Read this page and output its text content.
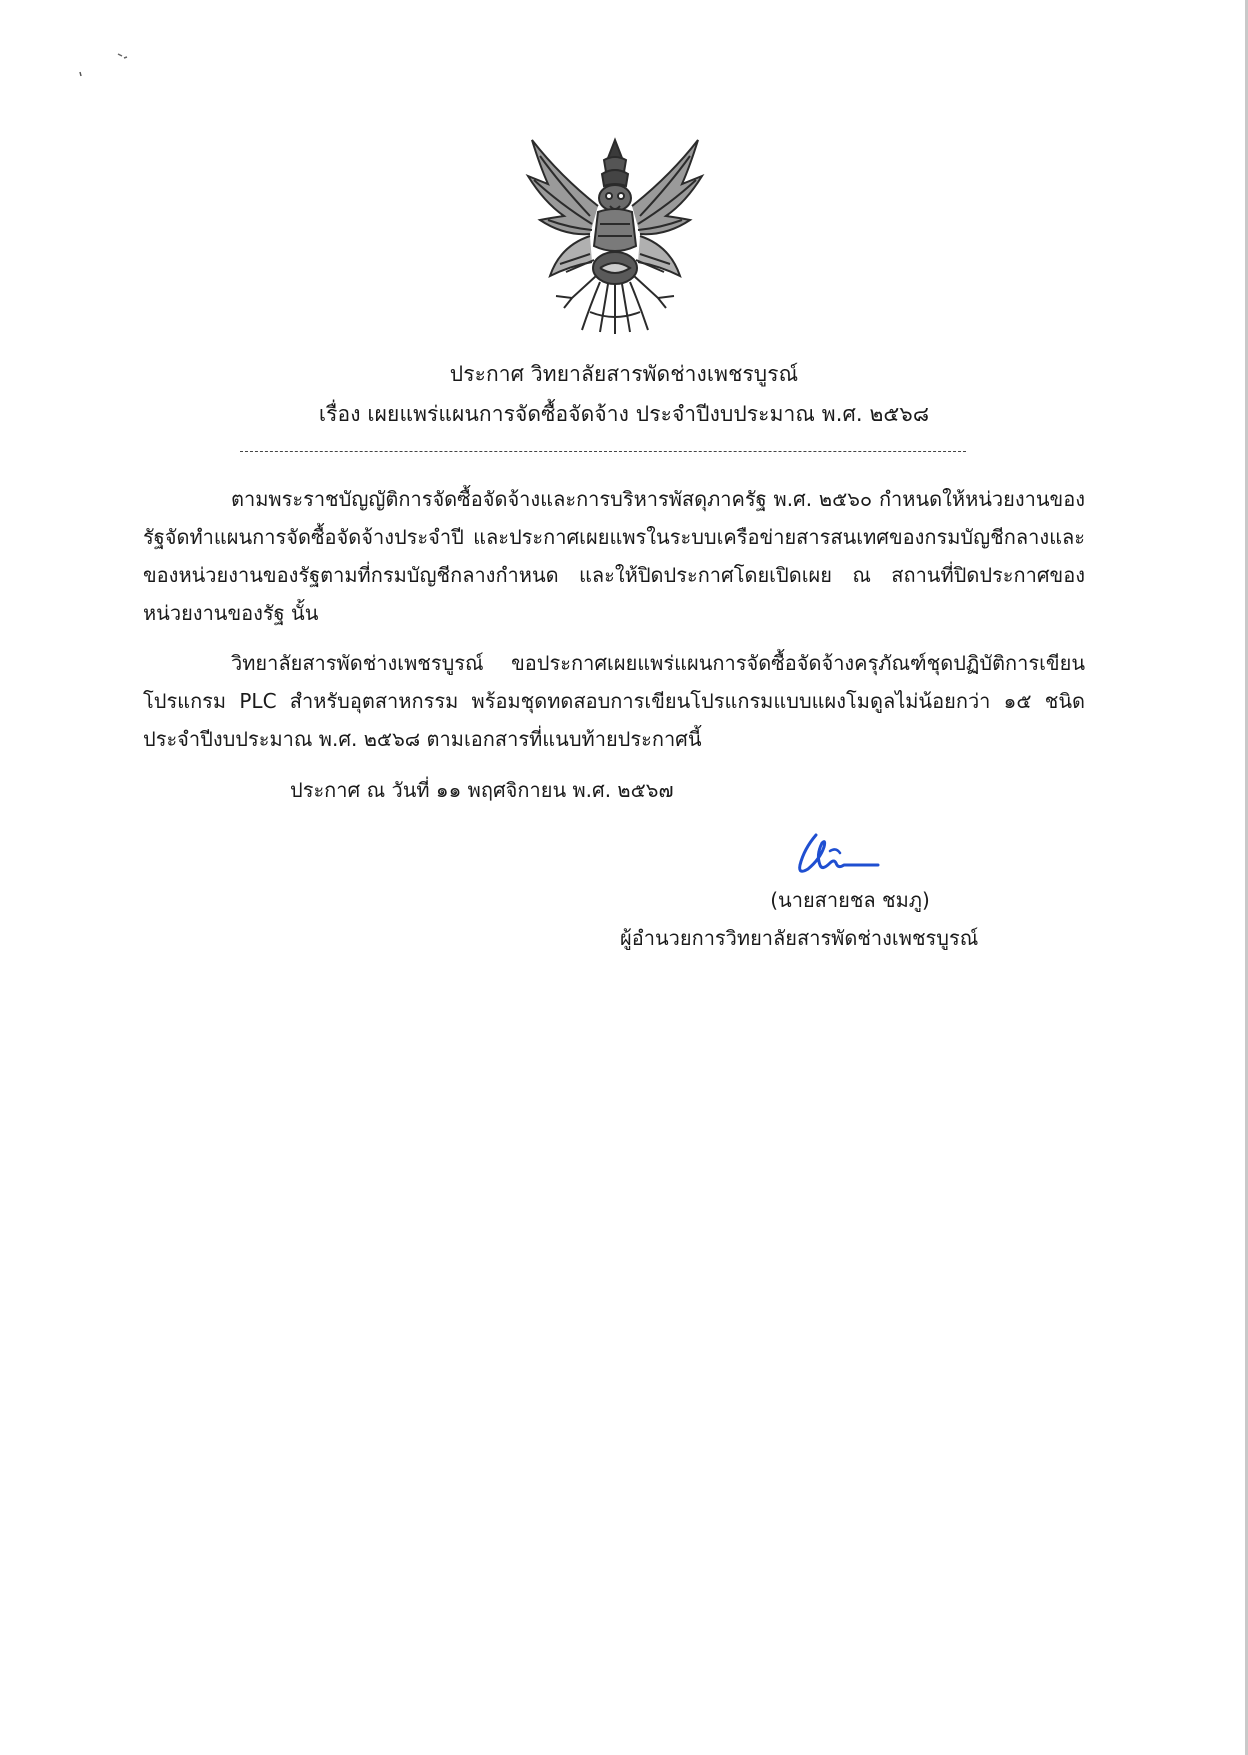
ประกาศ วิทยาลัยสารพัดช่างเพชรบูรณ์
เรื่อง เผยแพร่แผนการจัดซื้อจัดจ้าง ประจำปีงบประมาณ พ.ศ. ๒๕๖๘
ตามพระราชบัญญัติการจัดซื้อจัดจ้างและการบริหารพัสดุภาครัฐ พ.ศ. ๒๕๖๐ กำหนดให้หน่วยงานของรัฐจัดทำแผนการจัดซื้อจัดจ้างประจำปี และประกาศเผยแพรในระบบเครือข่ายสารสนเทศของกรมบัญชีกลางและของหน่วยงานของรัฐตามที่กรมบัญชีกลางกำหนด และให้ปิดประกาศโดยเปิดเผย ณ สถานที่ปิดประกาศของหน่วยงานของรัฐ นั้น
วิทยาลัยสารพัดช่างเพชรบูรณ์ ขอประกาศเผยแพร่แผนการจัดซื้อจัดจ้างครุภัณฑ์ชุดปฏิบัติการเขียนโปรแกรม PLC สำหรับอุตสาหกรรม พร้อมชุดทดสอบการเขียนโปรแกรมแบบแผงโมดูลไม่น้อยกว่า ๑๕ ชนิด ประจำปีงบประมาณ พ.ศ. ๒๕๖๘ ตามเอกสารที่แนบท้ายประกาศนี้
ประกาศ ณ วันที่ ๑๑ พฤศจิกายน พ.ศ. ๒๕๖๗
(นายสายชล ชมภู)
ผู้อำนวยการวิทยาลัยสารพัดช่างเพชรบูรณ์
